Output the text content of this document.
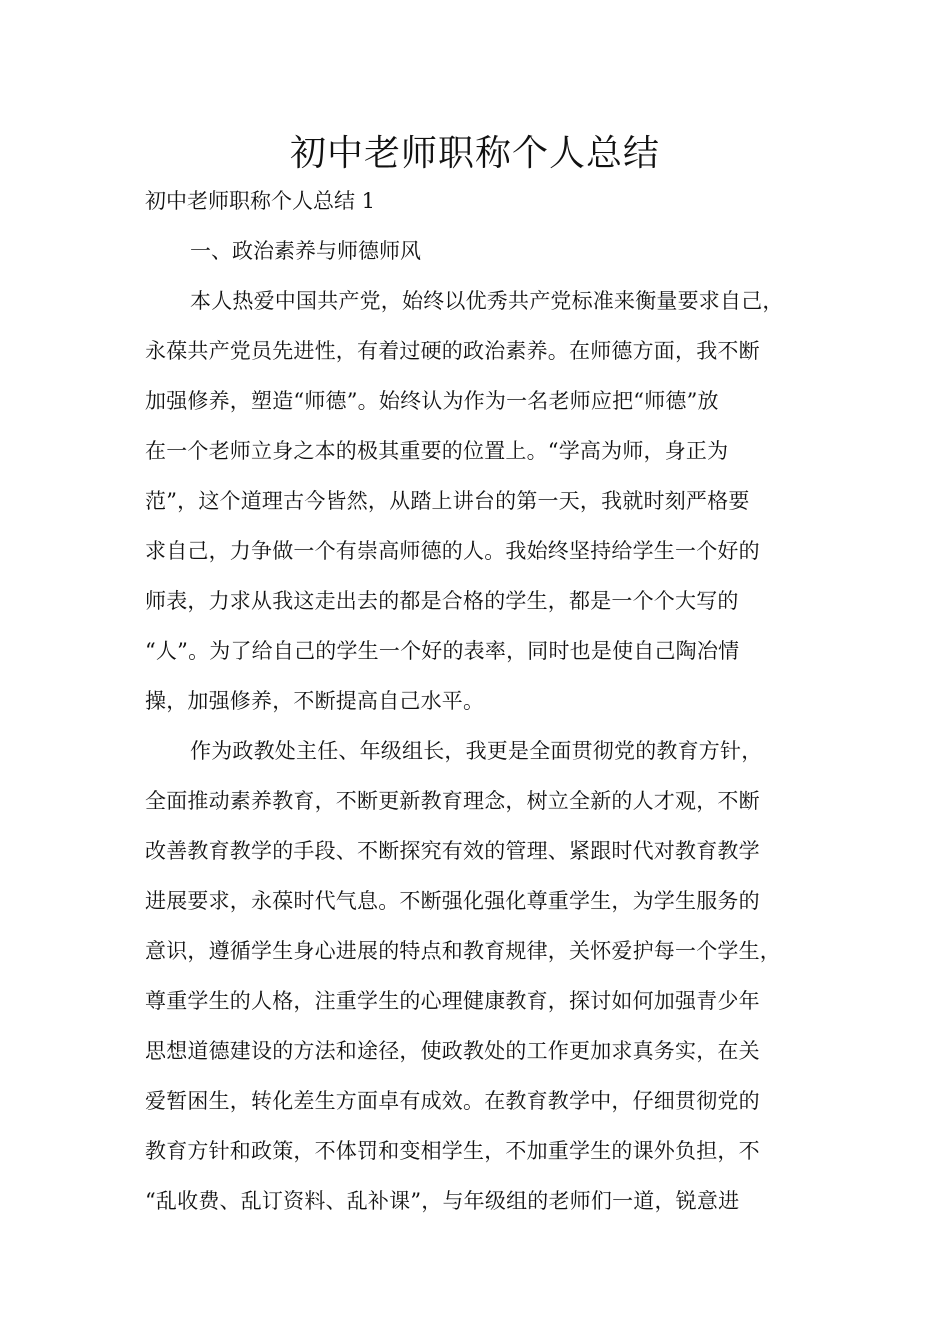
初中老师职称个人总结

初中老师职称个人总结 1

一、政治素养与师德师风

本人热爱中国共产党，始终以优秀共产党标准来衡量要求自己，

永葆共产党员先进性，有着过硬的政治素养。在师德方面，我不断

加强修养，塑造“师德”。始终认为作为一名老师应把“师德”放

在一个老师立身之本的极其重要的位置上。“学高为师，身正为

范”，这个道理古今皆然，从踏上讲台的第一天，我就时刻严格要

求自己，力争做一个有崇高师德的人。我始终坚持给学生一个好的

师表，力求从我这走出去的都是合格的学生，都是一个个大写的

“人”。为了给自己的学生一个好的表率，同时也是使自己陶冶情

操，加强修养，不断提高自己水平。

作为政教处主任、年级组长，我更是全面贯彻党的教育方针，

全面推动素养教育，不断更新教育理念，树立全新的人才观，不断

改善教育教学的手段、不断探究有效的管理、紧跟时代对教育教学

进展要求，永葆时代气息。不断强化强化尊重学生，为学生服务的

意识，遵循学生身心进展的特点和教育规律，关怀爱护每一个学生，

尊重学生的人格，注重学生的心理健康教育，探讨如何加强青少年

思想道德建设的方法和途径，使政教处的工作更加求真务实，在关

爱暂困生，转化差生方面卓有成效。在教育教学中，仔细贯彻党的

教育方针和政策，不体罚和变相学生，不加重学生的课外负担，不

“乱收费、乱订资料、乱补课”，与年级组的老师们一道，锐意进
